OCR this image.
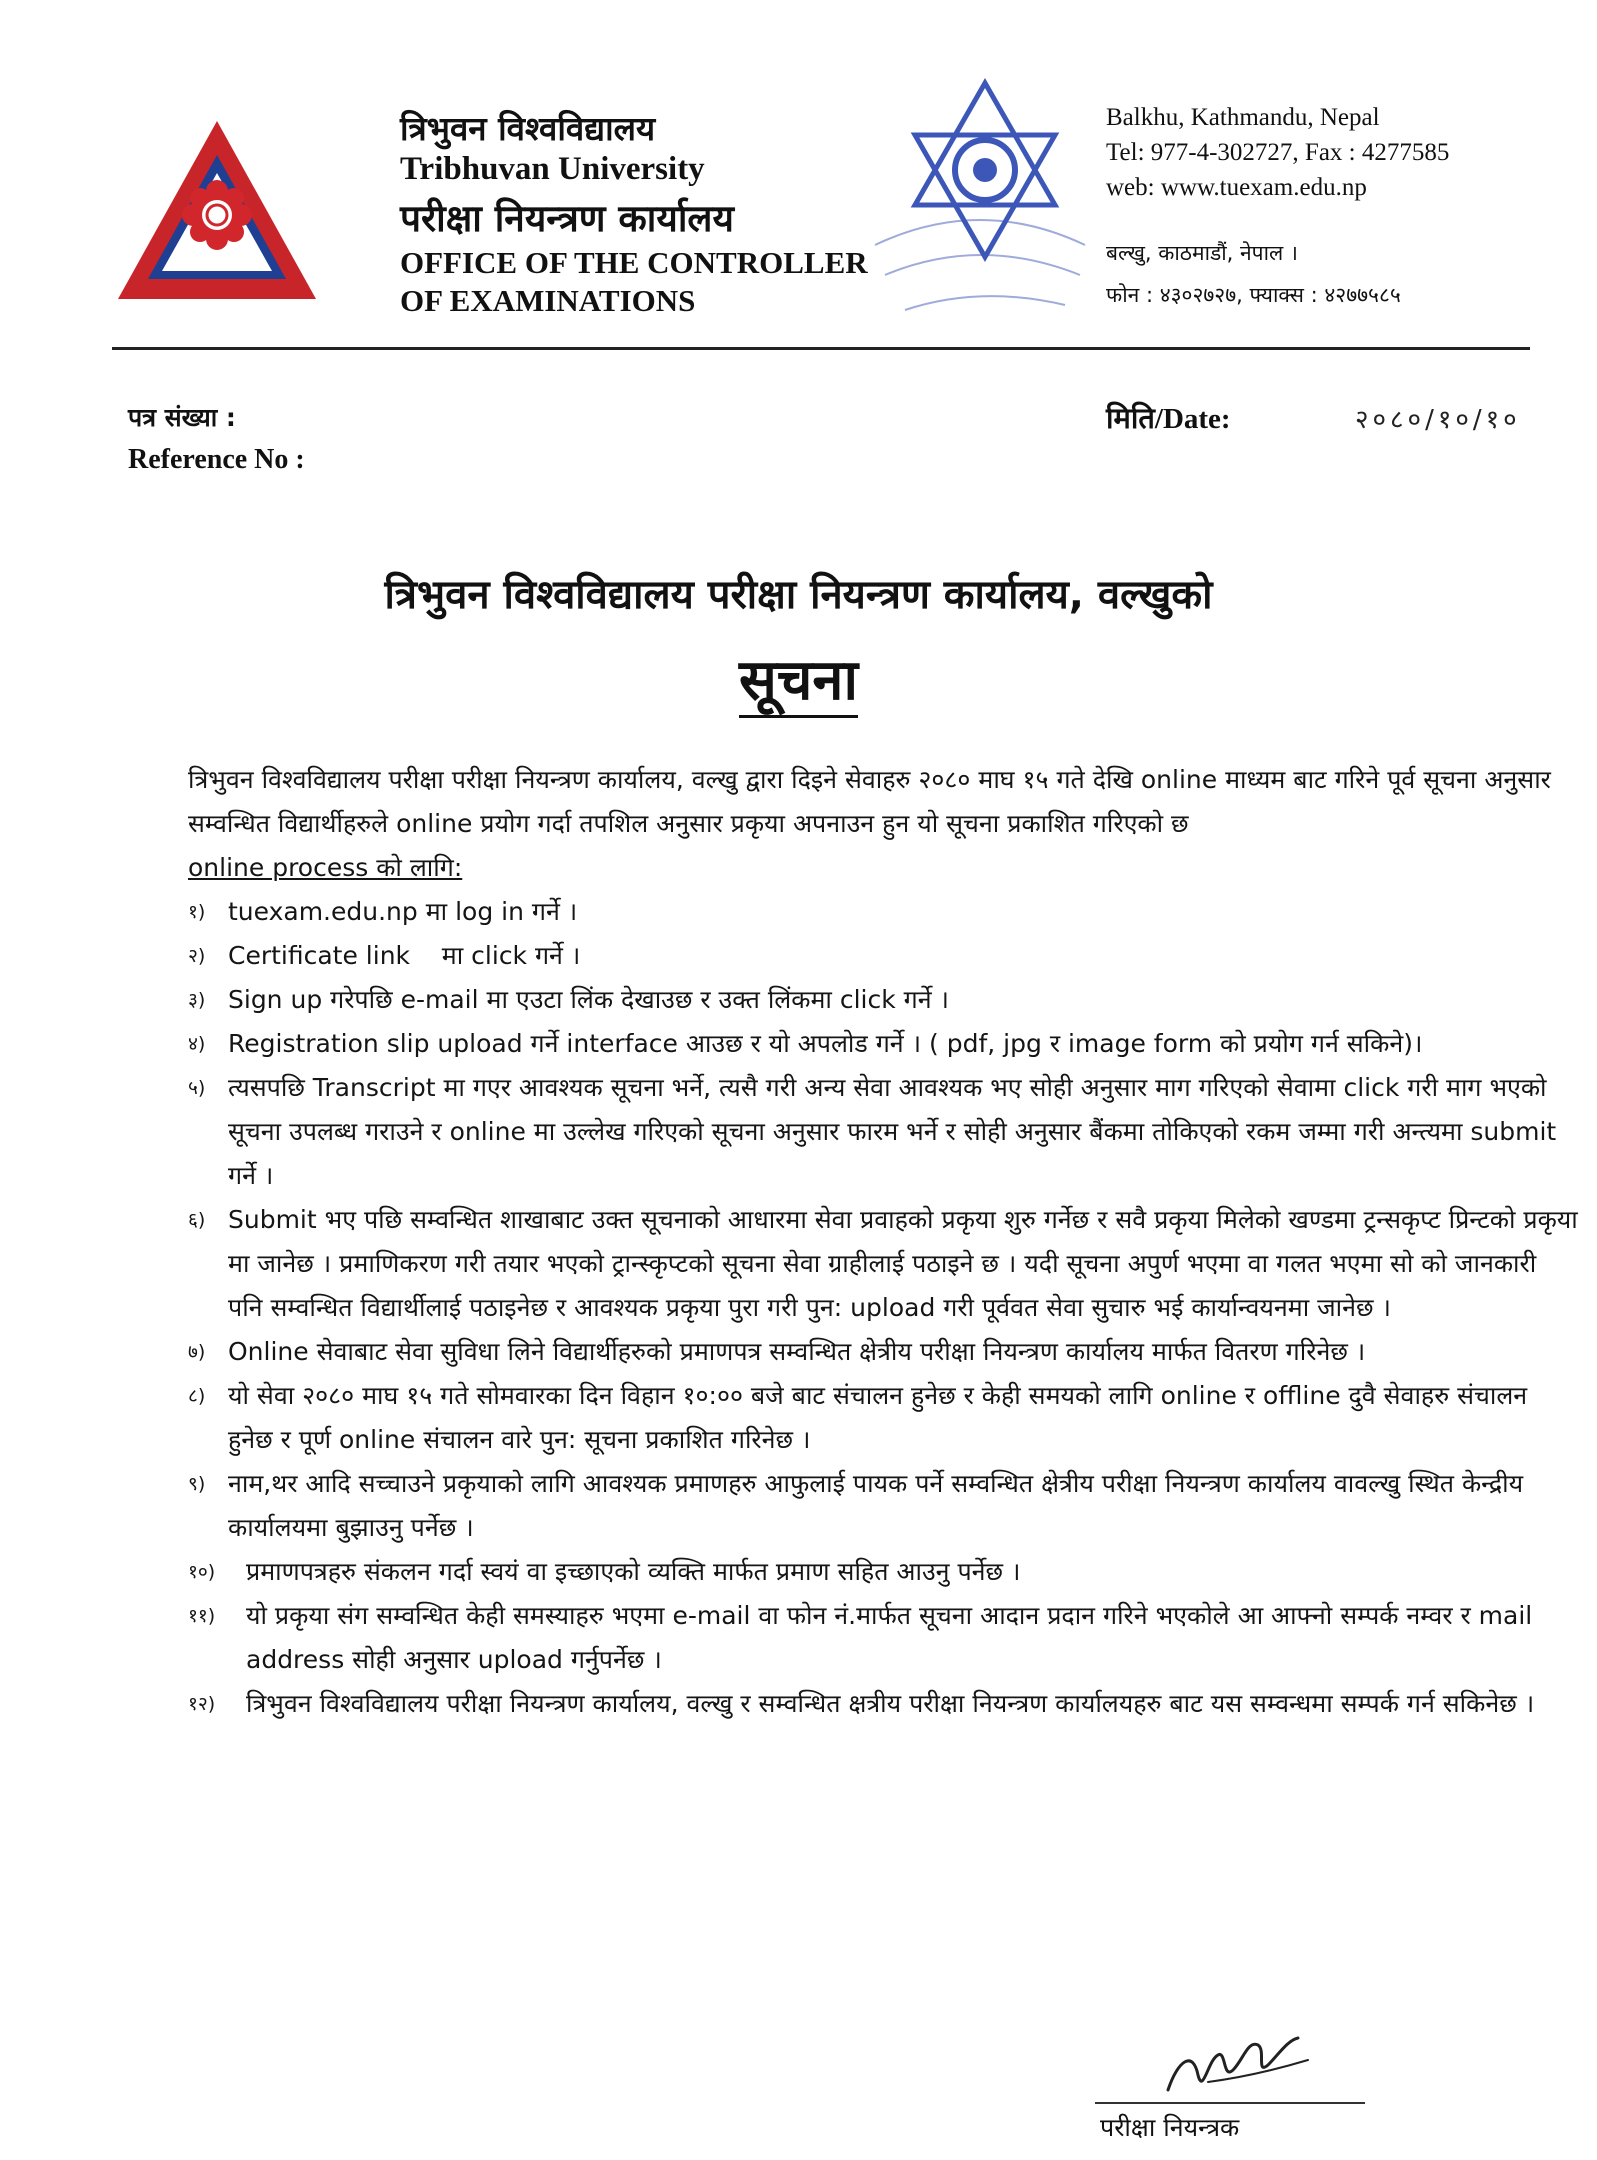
त्रिभुवन विश्वविद्यालय
Tribhuvan University
परीक्षा नियन्त्रण कार्यालय
OFFICE OF THE CONTROLLER
OF EXAMINATIONS
Balkhu, Kathmandu, Nepal
Tel: 977-4-302727, Fax : 4277585
web: www.tuexam.edu.np
बल्खु, काठमाडौं, नेपाल ।
फोन : ४३०२७२७, फ्याक्स : ४२७७५८५
पत्र संख्या :
Reference No :
मिति/Date:	२०८०/१०/१०
त्रिभुवन विश्वविद्यालय परीक्षा नियन्त्रण कार्यालय, वल्खुको
सूचना

त्रिभुवन विश्वविद्यालय परीक्षा परीक्षा नियन्त्रण कार्यालय, वल्खु द्वारा दिइने सेवाहरु २०८० माघ १५ गते देखि online माध्यम बाट गरिने पूर्व सूचना अनुसार सम्वन्धित विद्यार्थीहरुले online प्रयोग गर्दा तपशिल अनुसार प्रकृया अपनाउन हुन यो सूचना प्रकाशित गरिएको छ

online process को लागि:

१) tuexam.edu.np मा log in गर्ने ।
२) Certificate link    मा click गर्ने ।
३) Sign up गरेपछि e-mail मा एउटा लिंक देखाउछ र उक्त लिंकमा click गर्ने ।
४) Registration slip upload गर्ने interface आउछ र यो अपलोड गर्ने । ( pdf, jpg र image form को प्रयोग गर्न सकिने)।
५) त्यसपछि Transcript मा गएर आवश्यक सूचना भर्ने, त्यसै गरी अन्य सेवा आवश्यक भए सोही अनुसार माग गरिएको सेवामा click गरी माग भएको सूचना उपलब्ध गराउने र online मा उल्लेख गरिएको सूचना अनुसार फारम भर्ने र सोही अनुसार बैंकमा तोकिएको रकम जम्मा गरी अन्त्यमा submit गर्ने ।
६) Submit भए पछि सम्वन्धित शाखाबाट उक्त सूचनाको आधारमा सेवा प्रवाहको प्रकृया शुरु गर्नेछ र सवै प्रकृया मिलेको खण्डमा ट्रन्सकृप्ट प्रिन्टको प्रकृया मा जानेछ । प्रमाणिकरण गरी तयार भएको ट्रान्स्कृप्टको सूचना सेवा ग्राहीलाई पठाइने छ । यदी सूचना अपुर्ण भएमा वा गलत भएमा सो को जानकारी पनि सम्वन्धित विद्यार्थीलाई पठाइनेछ र आवश्यक प्रकृया पुरा गरी पुन: upload गरी पूर्ववत सेवा सुचारु भई कार्यान्वयनमा जानेछ ।
७) Online सेवाबाट सेवा सुविधा लिने विद्यार्थीहरुको प्रमाणपत्र सम्वन्धित क्षेत्रीय परीक्षा नियन्त्रण कार्यालय मार्फत वितरण गरिनेछ ।
८) यो सेवा २०८० माघ १५ गते सोमवारका दिन विहान १०:०० बजे बाट संचालन हुनेछ र केही समयको लागि online र offline दुवै सेवाहरु संचालन हुनेछ र पूर्ण online संचालन वारे पुन: सूचना प्रकाशित गरिनेछ ।
९) नाम,थर आदि सच्चाउने प्रकृयाको लागि आवश्यक प्रमाणहरु आफुलाई पायक पर्ने सम्वन्धित क्षेत्रीय परीक्षा नियन्त्रण कार्यालय वावल्खु स्थित केन्द्रीय कार्यालयमा बुझाउनु पर्नेछ ।
१०)	प्रमाणपत्रहरु संकलन गर्दा स्वयं वा इच्छाएको व्यक्ति मार्फत प्रमाण सहित आउनु पर्नेछ ।
११)	यो प्रकृया संग सम्वन्धित केही समस्याहरु भएमा e-mail वा फोन नं.मार्फत सूचना आदान प्रदान गरिने भएकोले आ आफ्नो सम्पर्क नम्वर र mail address सोही अनुसार upload गर्नुपर्नेछ ।
१२)	त्रिभुवन विश्वविद्यालय परीक्षा नियन्त्रण कार्यालय, वल्खु र सम्वन्धित क्षत्रीय परीक्षा नियन्त्रण कार्यालयहरु बाट यस सम्वन्धमा सम्पर्क गर्न सकिनेछ ।
परीक्षा नियन्त्रक
